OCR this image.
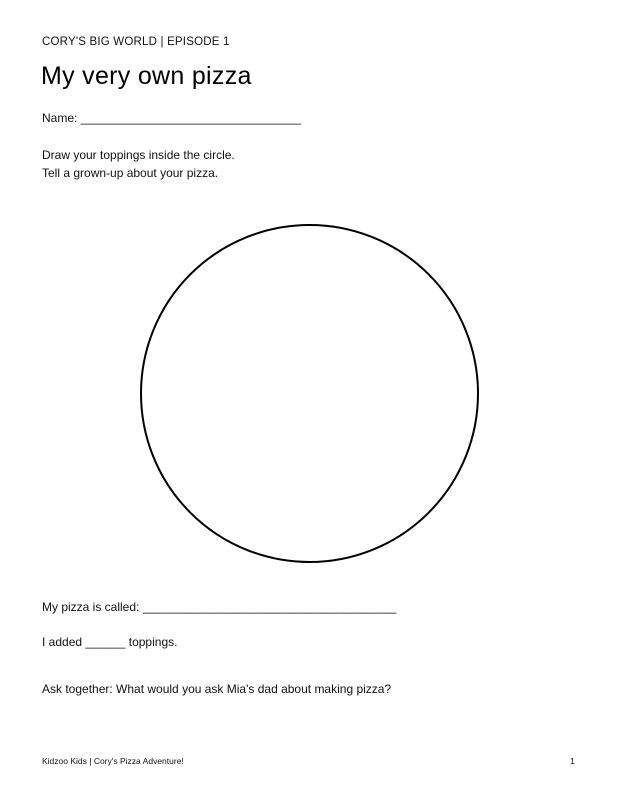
CORY'S BIG WORLD | EPISODE 1
My very own pizza
Name: _________________________________
Draw your toppings inside the circle.
Tell a grown-up about your pizza.
My pizza is called: ______________________________________
I added ______ toppings.
Ask together: What would you ask Mia's dad about making pizza?
Kidzoo Kids | Cory's Pizza Adventure!	1
